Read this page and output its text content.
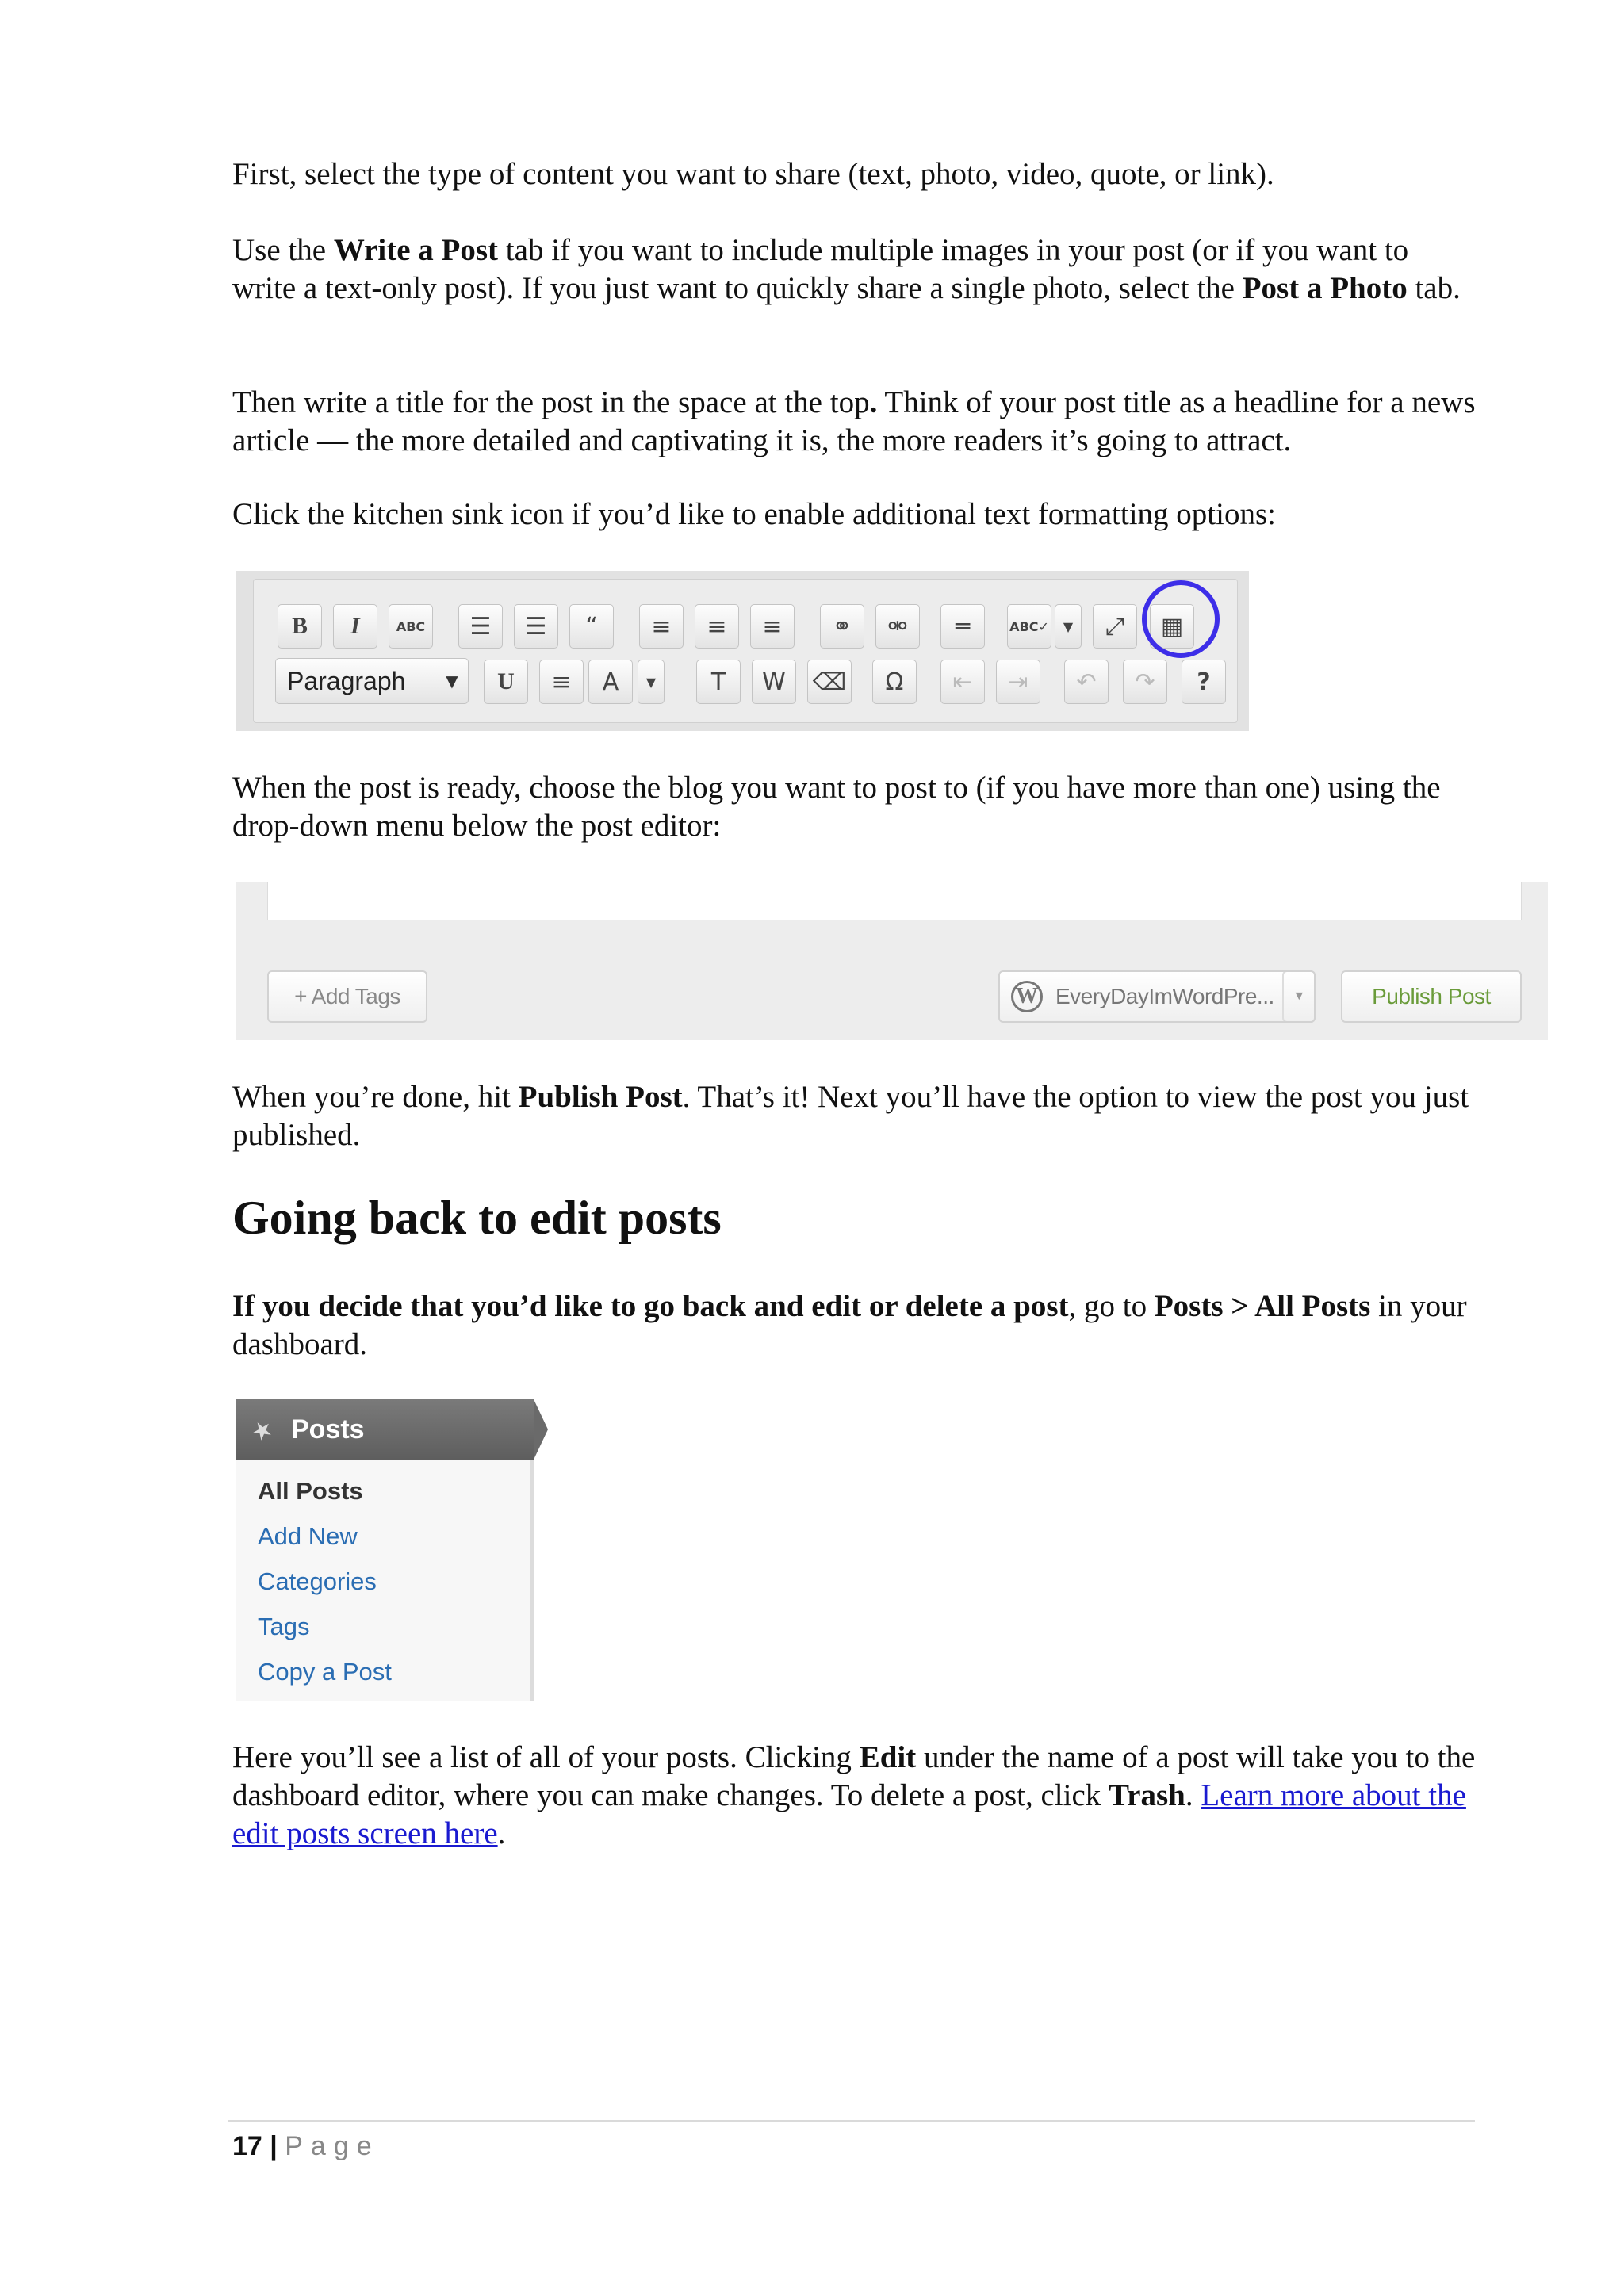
First, select the type of content you want to share (text, photo, video, quote, or link).

Use the Write a Post tab if you want to include multiple images in your post (or if you want to write a text-only post). If you just want to quickly share a single photo, select the Post a Photo tab.

Then write a title for the post in the space at the top. Think of your post title as a headline for a news article — the more detailed and captivating it is, the more readers it’s going to attract.

Click the kitchen sink icon if you’d like to enable additional text formatting options:

B	I	ABC	☰	☰	“	≡	≡	≡	⚭	⚮	═	ABC✓	▼	⤢	▦
U	≡	A	▼	T	W	⌫	Ω	⇤	⇥	↶	↷	?
Paragraph	▼

When the post is ready, choose the blog you want to post to (if you have more than one) using the drop-down menu below the post editor:

+ Add Tags	EveryDayImWordPre...
W	▼	Publish Post

When you’re done, hit Publish Post. That’s it! Next you’ll have the option to view the post you just published.

Going back to edit posts

If you decide that you’d like to go back and edit or delete a post, go to Posts > All Posts in your dashboard.

Posts
★
All Posts
Add New
Categories
Tags
Copy a Post

Here you’ll see a list of all of your posts. Clicking Edit under the name of a post will take you to the dashboard editor, where you can make changes. To delete a post, click Trash. Learn more about the edit posts screen here.

17 | Page
